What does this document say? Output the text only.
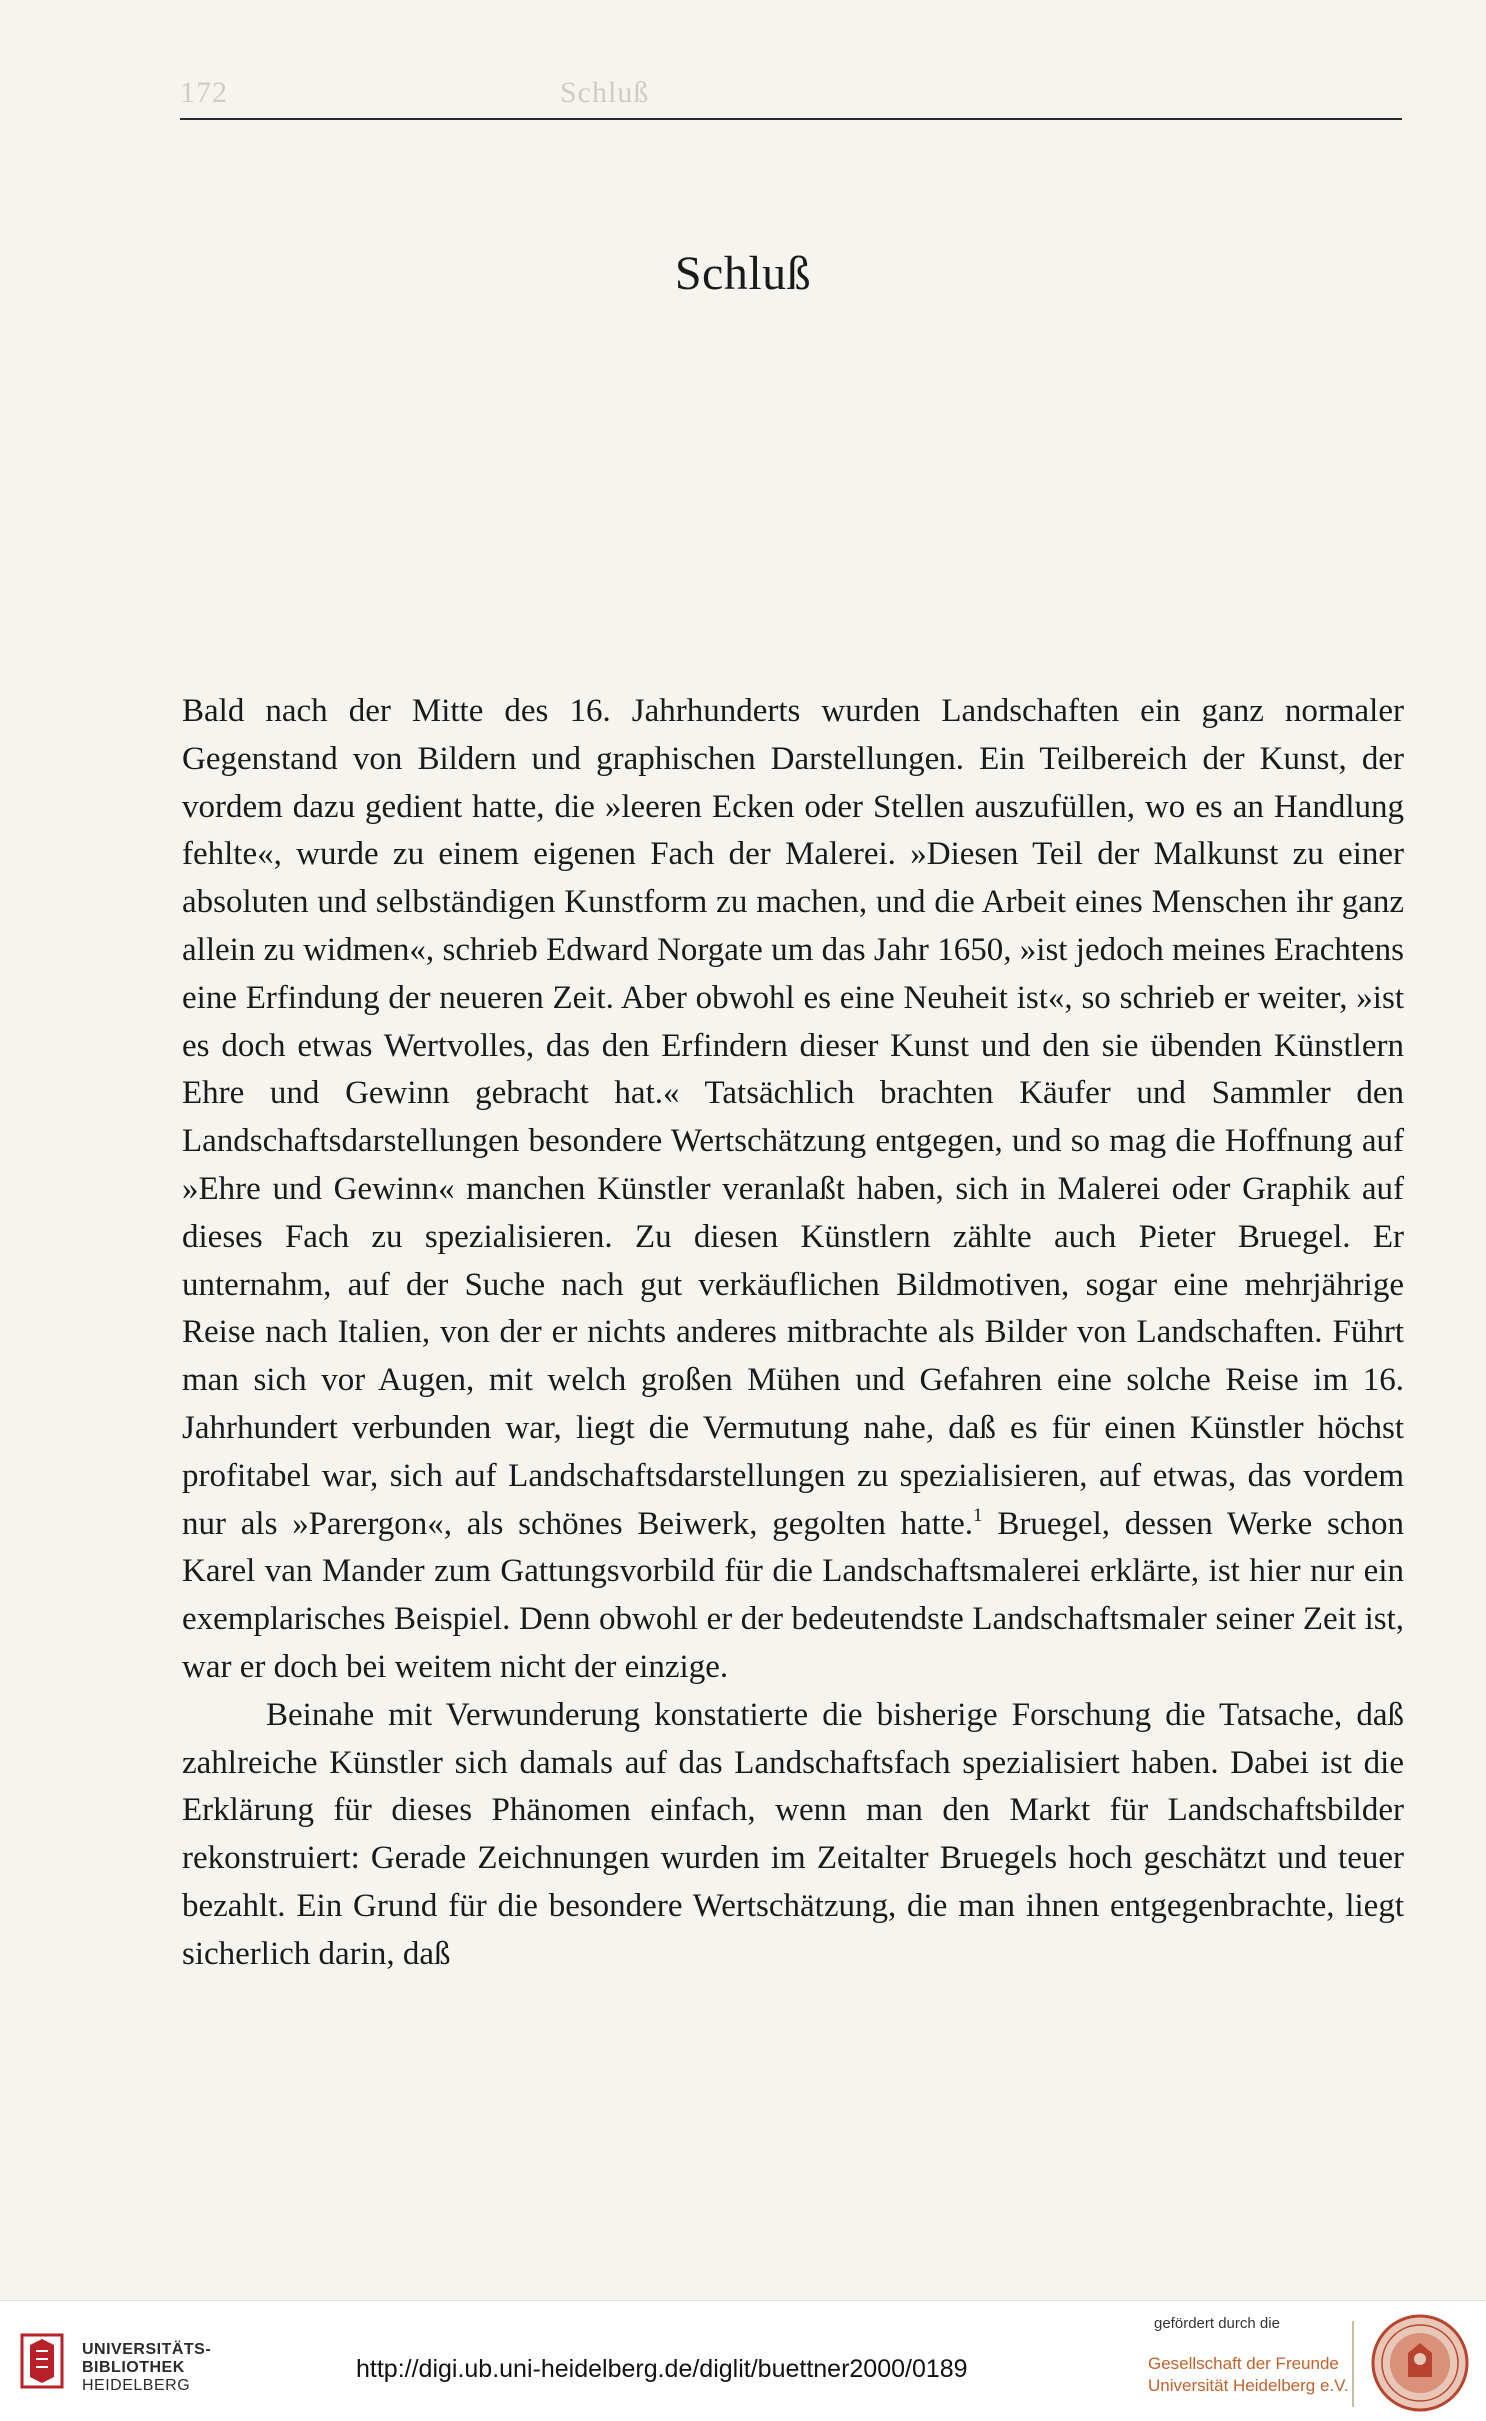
172	Schluß
Schluß

Bald nach der Mitte des 16. Jahrhunderts wurden Landschaften ein ganz normaler Gegenstand von Bildern und graphischen Darstellungen. Ein Teilbereich der Kunst, der vordem dazu gedient hatte, die »leeren Ecken oder Stellen auszufüllen, wo es an Handlung fehlte«, wurde zu einem eigenen Fach der Malerei. »Diesen Teil der Malkunst zu einer absoluten und selbständigen Kunstform zu machen, und die Arbeit eines Menschen ihr ganz allein zu widmen«, schrieb Edward Norgate um das Jahr 1650, »ist jedoch meines Erachtens eine Erfindung der neueren Zeit. Aber obwohl es eine Neuheit ist«, so schrieb er weiter, »ist es doch etwas Wertvolles, das den Erfindern dieser Kunst und den sie übenden Künstlern Ehre und Gewinn gebracht hat.« Tatsächlich brachten Käufer und Sammler den Landschaftsdarstellungen besondere Wertschätzung entgegen, und so mag die Hoffnung auf »Ehre und Gewinn« manchen Künstler veranlaßt haben, sich in Malerei oder Graphik auf dieses Fach zu spezialisieren. Zu diesen Künstlern zählte auch Pieter Bruegel. Er unternahm, auf der Suche nach gut verkäuflichen Bildmotiven, sogar eine mehrjährige Reise nach Italien, von der er nichts anderes mitbrachte als Bilder von Landschaften. Führt man sich vor Augen, mit welch großen Mühen und Gefahren eine solche Reise im 16. Jahrhundert verbunden war, liegt die Vermutung nahe, daß es für einen Künstler höchst profitabel war, sich auf Landschaftsdarstellungen zu spezialisieren, auf etwas, das vordem nur als »Parergon«, als schönes Beiwerk, gegolten hatte.$^1$ Bruegel, dessen Werke schon Karel van Mander zum Gattungsvorbild für die Landschaftsmalerei erklärte, ist hier nur ein exemplarisches Beispiel. Denn obwohl er der bedeutendste Landschaftsmaler seiner Zeit ist, war er doch bei weitem nicht der einzige.

Beinahe mit Verwunderung konstatierte die bisherige Forschung die Tatsache, daß zahlreiche Künstler sich damals auf das Landschaftsfach spezialisiert haben. Dabei ist die Erklärung für dieses Phänomen einfach, wenn man den Markt für Landschaftsbilder rekonstruiert: Gerade Zeichnungen wurden im Zeitalter Bruegels hoch geschätzt und teuer bezahlt. Ein Grund für die besondere Wertschätzung, die man ihnen entgegenbrachte, liegt sicherlich darin, daß

UNIVERSITÄTS-
BIBLIOTHEK
HEIDELBERG
http://digi.ub.uni-heidelberg.de/diglit/buettner2000/0189
gefördert durch die
Gesellschaft der Freunde
Universität Heidelberg e.V.
